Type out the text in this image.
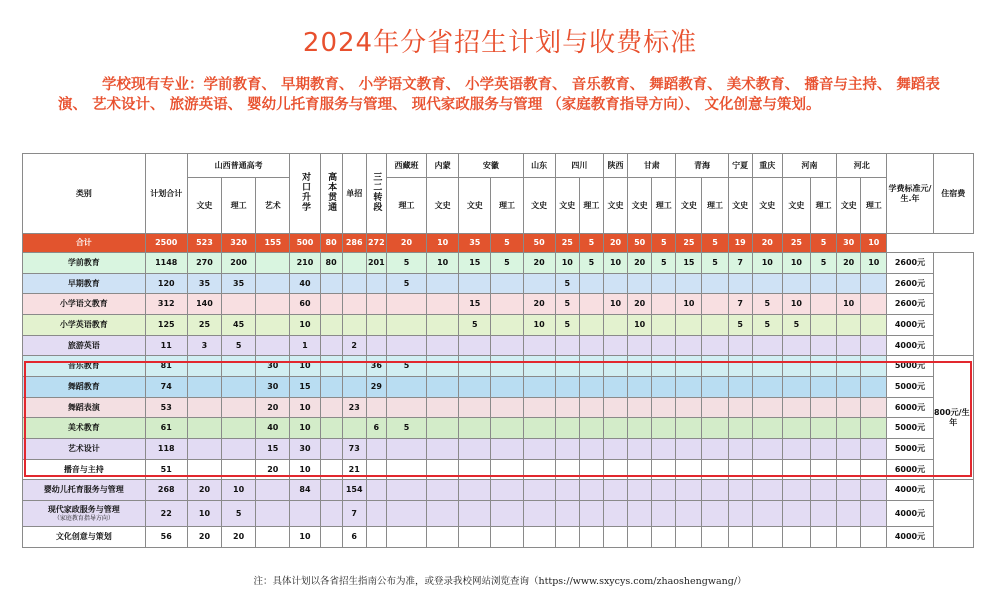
2024年分省招生计划与收费标准
学校现有专业：学前教育、 早期教育、 小学语文教育、 小学英语教育、 音乐教育、 舞蹈教育、 美术教育、 播音与主持、 舞蹈表演、 艺术设计、 旅游英语、 婴幼儿托育服务与管理、 现代家政服务与管理 （家庭教育指导方向）、 文化创意与策划。
类别	计划合计	山西普通高考			对口升学	高本贯通	单招	三二转段	西藏班	内蒙	安徽		山东	四川		陕西	甘肃		青海		宁夏	重庆	河南		河北		学费标准元/生.年	住宿费
		文史	理工	艺术					理工	文史	文史	理工	文史	文史	理工	文史	文史	理工	文史	理工	文史	文史	文史	理工	文史	理工		
合计	2500	523	320	155	500	80	286	272	20	10	35	5	50	25	5	20	50	5	25	5	19	20	25	5	30	10		
学前教育	1148	270	200		210	80		201	5	10	15	5	20	10	5	10	20	5	15	5	7	10	10	5	20	10	2600元	
早期教育	120	35	35		40				5					5													2600元	
小学语文教育	312	140			60						15		20	5		10	20		10		7	5	10		10		2600元	
小学英语教育	125	25	45		10						5		10	5			10				5	5	5				4000元	
旅游英语	11	3	5		1		2																				4000元	
音乐教育	81			30	10			36	5																		5000元	800元/生. 年
舞蹈教育	74			30	15			29																			5000元	
舞蹈表演	53			20	10		23																				6000元	
美术教育	61			40	10			6	5																		5000元	
艺术设计	118			15	30		73																				5000元	
播音与主持	51			20	10		21																				6000元	
婴幼儿托育服务与管理	268	20	10		84		154																				4000元	
现代家政服务与管理
（家庭教育指导方向）	22	10	5				7																				4000元	
文化创意与策划	56	20	20		10		6																				4000元	
注：具体计划以各省招生指南公布为准，或登录我校网站浏览查询（https://www.sxycys.com/zhaoshengwang/）
